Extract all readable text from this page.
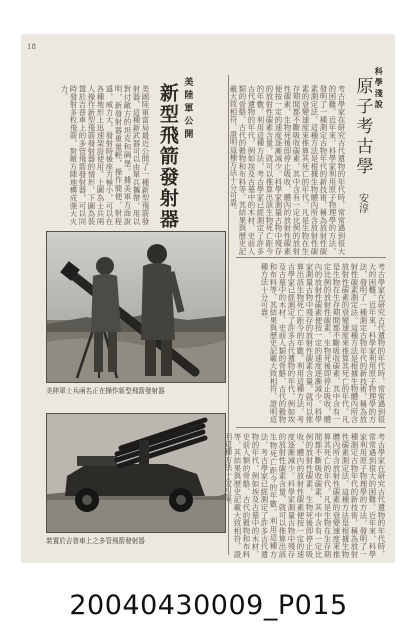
18
科學淺說
原子考古學
安淳
考古學家在研究古代遺物的年代時，常常遇到很大的困難。近年來，科學家利用原子物理學的方法，發明了一種測定古物年代的新技術，稱為放射性碳素測定法。這種方法是根據生物體內所含放射性碳素的衰變速度來推算其死亡的年代。凡是生物在生存期間都不斷吸收碳素，其中含有一定比例的放射性碳素，生物死後即停止吸收，體內的放射性碳素便按一定的速度逐漸減少。科學家測量古物中殘存的放射性碳素含量，就可以推算出該生物死亡距今的年數。利用這種方法，考古學家已經測定了許多古代遺物的年代，例如埃及古墓中的木材、史前人類的骨骼、古代的穀物和布料等，其結果與歷史記載大致相符，證明這種方法十分可靠。
考古學家在研究古代遺物的年代時，常常遇到很大的困難。近年來，科學家利用原子物理學的方法，發明了一種測定古物年代的新技術，稱為放射性碳素測定法。這種方法是根據生物體內所含放射性碳素的衰變速度來推算其死亡的年代。凡是生物在生存期間都不斷吸收碳素，其中含有一定比例的放射性碳素，生物死後即停止吸收，體內的放射性碳素便按一定的速度逐漸減少。科學家測量古物中殘存的放射性碳素含量，就可以推算出該生物死亡距今的年數。利用這種方法，考古學家已經測定了許多古代遺物的年代，例如埃及古墓中的木材、史前人類的骨骼、古代的穀物和布料等，其結果與歷史記載大致相符，證明這種方法十分可靠。
考古學家在研究古代遺物的年代時，常常遇到很大的困難。近年來，科學家利用原子物理學的方法，發明了一種測定古物年代的新技術，稱為放射性碳素測定法。這種方法是根據生物體內所含放射性碳素的衰變速度來推算其死亡的年代。凡是生物在生存期間都不斷吸收碳素，其中含有一定比例的放射性碳素，生物死後即停止吸收，體內的放射性碳素便按一定的速度逐漸減少。科學家測量古物中殘存的放射性碳素含量，就可以推算出該生物死亡距今的年數。利用這種方法，考古學家已經測定了許多古代遺物的年代，例如埃及古墓中的木材、史前人類的骨骼、古代的穀物和布料等，其結果與歷史記載大致相符，證
美陸軍公開
新型飛箭發射器
美國陸軍當局最近公開了一種新型飛箭發射器，這種新武器可以由單兵攜帶，用以對付敵方的坦克和碉堡。據美軍方面說明，新發射器重量輕，操作簡便，射程遠，威力大，發射時後座力極小，可以在各種地形上迅速架設使用。上圖為士兵兩人操作新型飛箭發射器的情形，下圖為裝置於吉普車上的多管飛箭發射器，可以同時發射多枚飛箭，對敵方陣地構成強大火力。
美陸軍士兵兩名正在操作新型飛箭發射器
裝置於吉普車上之多管飛箭發射器
20040430009_P015
